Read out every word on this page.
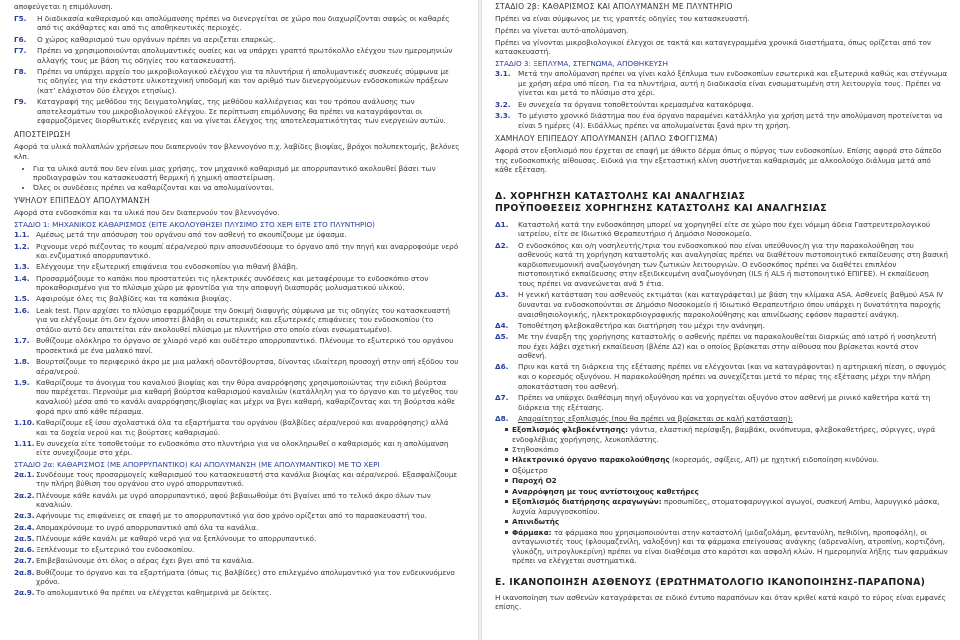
αποφεύγεται η επιμόλυνση.

Γ5.	Η διαδικασία καθαρισμού και απολύμανσης πρέπει να διενεργείται σε χώρο που διαχωρίζονται σαφώς οι καθαρές από τις ακάθαρτες και από τις αποθηκευτικές περιοχές.
Γ6.	Ο χώρος καθαρισμού των οργάνων πρέπει να αεριζεται επαρκώς.
Γ7.	Πρέπει να χρησιμοποιούνται απολυμαντικές ουσίες και να υπάρχει γραπτό πρωτόκολλο ελέγχου των ημερομηνιών αλλαγής τους με βάση τις οδηγίες του κατασκευαστή.
Γ8.	Πρέπει να υπάρχει αρχείο του μικροβιολογικού ελέγχου για τα πλυντήρια ή απολυμαντικές συσκευές σύμφωνα με τις οδηγίες για την εκάστοτε υλικοτεχνική υποδομή και τον αριθμό των διενεργούμενων ενδοσκοπικών πράξεων (κατ’ ελάχιστον δύο έλεγχοι ετησίως).
Γ9.	Καταγραφή της μεθόδου της δειγματοληψίας, της μεθόδου καλλιέργειας και του τρόπου ανάλυσης των αποτελεσμάτων του μικροβιολογικού ελέγχου. Σε περίπτωση επιμόλυνσης θα πρέπει να καταγράφονται οι εφαρμοζόμενες διορθωτικές ενέργειες και να γίνεται έλεγχος της αποτελεσματικότητας των ενεργειών αυτών.
ΑΠΟΣΤΕΙΡΩΣΗ

Αφορά τα υλικά πολλαπλών χρήσεων που διαπερνούν τον βλεννογόνο π.χ. λαβίδες βιοψίας, βρόχοι πολυπεκτομής, βελόνες κλπ.

• Για τα υλικά αυτά που δεν είναι μιας χρήσης, τον μηχανικό καθαρισμό με απορρυπαντικό ακολουθεί βάσει των προδιαγραφών του κατασκευαστή θερμική ή χημική αποστείρωση.
• Όλες οι συνδέσεις πρέπει να καθαρίζονται και να απολυμαίνονται.
ΥΨΗΛΟΥ ΕΠΙΠΕΔΟΥ ΑΠΟΛΥΜΑΝΣΗ

Αφορά στα ενδοσκόπια και τα υλικά που δεν διαπερνούν τον βλεννογόνο.

ΣΤΑΔΙΟ 1: ΜΗΧΑΝΙΚΟΣ ΚΑΘΑΡΙΣΜΟΣ (ΕΙΤΕ ΑΚΟΛΟΥΘΗΣΕΙ ΠΛΥΣΙΜΟ ΣΤΟ ΧΕΡΙ ΕΙΤΕ ΣΤΟ ΠΛΥΝΤΗΡΙΟ)
1.1. Αμέσως μετά την απόσυρση του οργάνου από τον ασθενή το σκουπίζουμε με ύφασμα.
1.2. Ριχνουμε νερό πιέζοντας το κουμπί αέρα/νερού πριν αποσυνδέσουμε το όργανο από την πηγή και αναρροφούμε νερό και ενζυματικό απορρυπαντικό.
1.3. Ελέγχουμε την εξωτερική επιφάνεια του ενδοσκοπίου για πιθανή βλάβη.
1.4. Προσαρμόζουμε το καπάκι που προστατεύει τις ηλεκτρικές συνδέσεις και μεταφέρουμε το ενδοσκόπιο στον προκαθορισμένο για το πλύσιμο χώρο με φροντίδα για την αποφυγή διασποράς μολυσματικού υλικού.
1.5. Αφαιρούμε όλες τις βαλβίδες και τα καπάκια βιοψίας.
1.6. Leak test. Πριν αρχίσει το πλύσιμο εφαρμόζουμε την δοκιμή διαφυγής σύμφωνα με τις οδηγίες του κατασκευαστή για να ελέγξουμε ότι δεν έχουν υποστεί βλάβη οι εσωτερικές και εξωτερικές επιφάνειες του ενδοσκοπίου (το στάδιο αυτό δεν απαιτείται εάν ακολουθεί πλύσιμο με πλυντήριο στο οποίο είναι ενσωματωμένο).
1.7. Βυθίζουμε ολόκληρο το όργανο σε χλιαρό νερό και ουδέτερο απορρυπαντικό. Πλένουμε το εξωτερικό του οργάνου προσεκτικά με ένα μαλακό πανί.
1.8. Βουρτσίζουμε το περιφερικό άκρο με μια μαλακή οδοντόβουρτσα, δίνοντας ιδιαίτερη προσοχή στην οπή εξόδου του αέρα/νερού.
1.9. Καθαρίζουμε το άνοιγμα του καναλιού βιοψίας και την θύρα αναρρόφησης χρησιμοποιώντας την ειδική βούρτσα που παρέχεται. Περνούμε μια καθαρή βούρτσα καθαρισμού καναλιών (κατάλληλη για το όργανο και το μέγεθος του καναλιού) μέσα από το κανάλι αναρρόφησης/βιοψίας και μέχρι να βγει καθαρή, καθαρίζοντας και τη βούρτσα κάθε φορά πριν από κάθε πέρασμα.
1.10. Καθαρίζουμε εξ ίσου σχολαστικά όλα τα εξαρτήματα του οργάνου (βαλβίδες αέρα/νερού και αναρρόφησης) αλλά και τα δοχεία νερού και τις βούρτσες καθαρισμού.
1.11. Εν συνεχεία είτε τοποθετούμε το ενδοσκόπιο στο πλυντήριο για να ολοκληρωθεί ο καθαρισμός και η απολύμανση είτε συνεχίζουμε στο χέρι.
ΣΤΑΔΙΟ 2α: ΚΑΘΑΡΙΣΜΟΣ (ΜΕ ΑΠΟΡΡΥΠΑΝΤΙΚΟ) ΚΑΙ ΑΠΟΛΥΜΑΝΣΗ (ΜΕ ΑΠΟΛΥΜΑΝΤΙΚΟ) ΜΕ ΤΟ ΧΕΡΙ
2α.1. Συνδέουμε τους προσαρμογείς καθαρισμού του κατασκευαστή στα κανάλια βιοψίας και αέρα/νερού. Εξασφαλίζουμε την πλήρη βύθιση του οργάνου στο υγρό απορρυπαντικό.
2α.2. Πλένουμε κάθε κανάλι με υγρό απορρυπαντικό, αφού βεβαιωθούμε ότι βγαίνει από το τελικό άκρο όλων των καναλιών.
2α.3. Αφήνουμε τις επιφάνειες σε επαφή με το απορρυπαντικό για όσο χρόνο ορίζεται από το παρασκευαστή του.
2α.4. Απομακρύνουμε το υγρό απορρυπαντικό από όλα τα κανάλια.
2α.5. Πλένουμε κάθε κανάλι με καθαρό νερό για να ξεπλύνουμε το απορρυπαντικό.
2α.6. Ξεπλένουμε το εξωτερικό του ενδοσκοπίου.
2α.7. Επιβεβαιώνουμε ότι όλος ο αέρας έχει βγει από τα κανάλια.
2α.8. Βυθίζουμε το όργανο και τα εξαρτήματα (όπως τις βαλβίδες) στο επιλεγμένο απολυμαντικό για τον ενδεικνυόμενο χρόνο.
2α.9. Το απολυμαντικό θα πρέπει να ελέγχεται καθημερινά με δείκτες.
ΣΤΑΔΙΟ 2β: ΚΑΘΑΡΙΣΜΟΣ ΚΑΙ ΑΠΟΛΥΜΑΝΣΗ ΜΕ ΠΛΥΝΤΗΡΙΟ

Πρέπει να είναι σύμφωνος με τις γραπτές οδηγίες του κατασκευαστή.

Πρέπει να γίνεται αυτό-απολύμανση.

Πρέπει να γίνονται μικροβιολογικοί έλεγχοι σε τακτά και καταγεγραμμένα χρονικά διαστήματα, όπως ορίζεται από τον κατασκευαστή.

ΣΤΑΔΙΟ 3: ΞΕΠΛΥΜΑ, ΣΤΕΓΝΩΜΑ, ΑΠΟΘΗΚΕΥΣΗ
3.1.	Μετά την απολύμανση πρέπει να γίνει καλό ξέπλυμα των ενδοσκοπίων εσωτερικά και εξωτερικά καθώς και στέγνωμα με χρήση αέρα υπό πίεση. Για τα πλυντήρια, αυτή η διαδικασία είναι ενσωματωμένη στη λειτουργία τους. Πρέπει να γίνεται και μετά το πλύσιμο στο χέρι.
3.2.	Εν συνεχεία τα όργανα τοποθετούνται κρεμασμένα κατακόρυφα.
3.3.	Το μέγιστο χρονικό διάστημα που ένα όργανο παραμένει κατάλληλο για χρήση μετά την απολύμανση προτείνεται να είναι 5 ημέρες (4). Ειδάλλως πρέπει να απολυμαίνεται ξανά πριν τη χρήση.
ΧΑΜΗΛΟΥ ΕΠΙΠΕΔΟΥ ΑΠΟΛΥΜΑΝΣΗ (ΑΠΛΟ ΣΦΟΓΓΙΣΜΑ)

Αφορά στον εξοπλισμό που έρχεται σε επαφή με άθικτο δέρμα όπως ο πύργος των ενδοσκοπίων. Επίσης αφορά στο δάπεδο της ενδοσκοπικής αίθουσας. Ειδικά για την εξεταστική κλίνη συστήνεται καθαρισμός με αλκοολούχο διάλυμα μετά από κάθε εξέταση.

Δ. ΧΟΡΗΓΗΣΗ ΚΑΤΑΣΤΟΛΗΣ ΚΑΙ ΑΝΑΛΓΗΣΙΑΣ
ΠΡΟΫΠΟΘΕΣΕΙΣ ΧΟΡΗΓΗΣΗΣ ΚΑΤΑΣΤΟΛΗΣ ΚΑΙ ΑΝΑΛΓΗΣΙΑΣ
Δ1.	Καταστολή κατά την ενδοσκόπηση μπορεί να χορηγηθεί είτε σε χώρο που έχει νόμιμη άδεια Γαστρεντερολογικού ιατρείου, είτε σε Ιδιωτικό Θεραπευτήριο ή Δημόσιο Νοσοκομείο.
Δ2.	Ο ενδοσκόπος και ο/η νοσηλευτής/τρια του ενδοσκοπικού που είναι υπεύθυνος/η για την παρακολούθηση του ασθενούς κατά τη χορήγηση καταστολής και αναλγησίας πρέπει να διαθέτουν πιστοποιητικό εκπαίδευσης στη βασική καρδιοπνευμονική αναζωογόνηση των ζωτικών λειτουργιών. Ο ενδοσκόπος πρέπει να διαθέτει επιπλέον πιστοποιητικό εκπαίδευσης στην εξειδικευμένη αναζωογόνηση (ILS ή ALS ή πιστοποιητικό ΕΠΙΓΕΕ). Η εκπαίδευση τους πρέπει να ανανεώνεται ανά 5 έτια.
Δ3.	Η γενική κατάσταση του ασθενούς εκτιμάται (και καταγράφεται) με βάση την κλίμακα ASA. Ασθενείς βαθμού ASA IV δυνανται να ενδοσκοπούνται σε Δημόσιο Νοσοκομείο ή Ιδιωτικό Θεραπευτήριο όπου υπάρχει η δυνατότητα παροχής αναισθησιολογικής, ηλεκτροκαρδιογραφικής παρακολούθησης και απινίδωσης εφόσον παραστεί ανάγκη.
Δ4.	Τοποθέτηση φλεβοκαθετήρα και διατήρηση του μέχρι την ανάνηψη.
Δ5.	Με την έναρξη της χορήγησης καταστολής ο ασθενής πρέπει να παρακολουθείται διαρκώς από ιατρό ή νοσηλευτή που έχει λάβει σχετική εκπαίδευση (βλέπε Δ2) και ο οποίος βρίσκεται στην αίθουσα που βρίσκεται κοντά στον ασθενή.
Δ6.	Πριν και κατά τη διάρκεια της εξέτασης πρέπει να ελέγχονται (και να καταγράφονται) η αρτηριακή πίεση, ο σφυγμός και ο κορεσμός οξυγόνου. Η παρακολούθηση πρέπει να συνεχίζεται μετά το πέρας της εξέτασης μέχρι την πλήρη αποκατάσταση του ασθενή.
Δ7.	Πρέπει να υπάρχει διαθέσιμη πηγή οξυγόνου και να χορηγείται οξυγόνο στον ασθενή με ρινικό καθετήρα κατά τη διάρκεια της εξέτασης.
Δ8.	Απαραίτητος εξοπλισμός (που θα πρέπει να βρίσκεται σε καλή κατάσταση):
Εξοπλισμός φλεβοκέντησης: γάντια, ελαστική περίσφιξη, βαμβάκι, οινόπνευμα, φλεβοκαθετήρες, σύριγγες, υγρά ενδοφλέβιας χορήγησης, λευκοπλάστης.
Στηθοσκόπιο
Ηλεκτρονικό όργανο παρακολούθησης (κορεσμός, σφίξεις, ΑΠ) με ηχητική ειδοποίηση κινδύνου.
Οξύμετρο
Παροχή Ο2
Αναρρόφηση με τους αντίστοιχους καθετήρες
Εξοπλισμός διατήρησης αεραγωγών: προσωπίδες, στοματοφαρυγγικοί αγωγοί, συσκευή Ambu, λαρυγγικό μάσκα, λυχνία λαρυγγοσκοπίου.
Απινιδωτής
Φάρμακα: τα φάρμακα που χρησιμοποιούνται στην καταστολή (μιδαζολάμη, φεντανύλη, πεθιδίνη, προποφόλη), οι ανταγωνιστές τους (φλουμαζενίλη, ναλοξόνη) και τα φάρμακα επείγουσας ανάγκης (αδρεναλίνη, ατροπίνη, κορτιζόνη, γλυκόζη, νιτρογλυκερίνη) πρέπει να είναι διαθέσιμα στο καρότσι και ασφαλή κλών. Η ημερομηνία λήξης των φαρμάκων πρέπει να ελέγχεται συστηματικά.
Ε. ΙΚΑΝΟΠΟΙΗΣΗ ΑΣΘΕΝΟΥΣ (ΕΡΩΤΗΜΑΤΟΛΟΓΙΟ ΙΚΑΝΟΠΟΙΗΣΗΣ-ΠΑΡΑΠΟΝΑ)

Η ικανοποίηση των ασθενών καταγράφεται σε ειδικό έντυπο παραπόνων και όταν κριθεί κατά καιρό το εύρος είναι εμφανές επίσης.
